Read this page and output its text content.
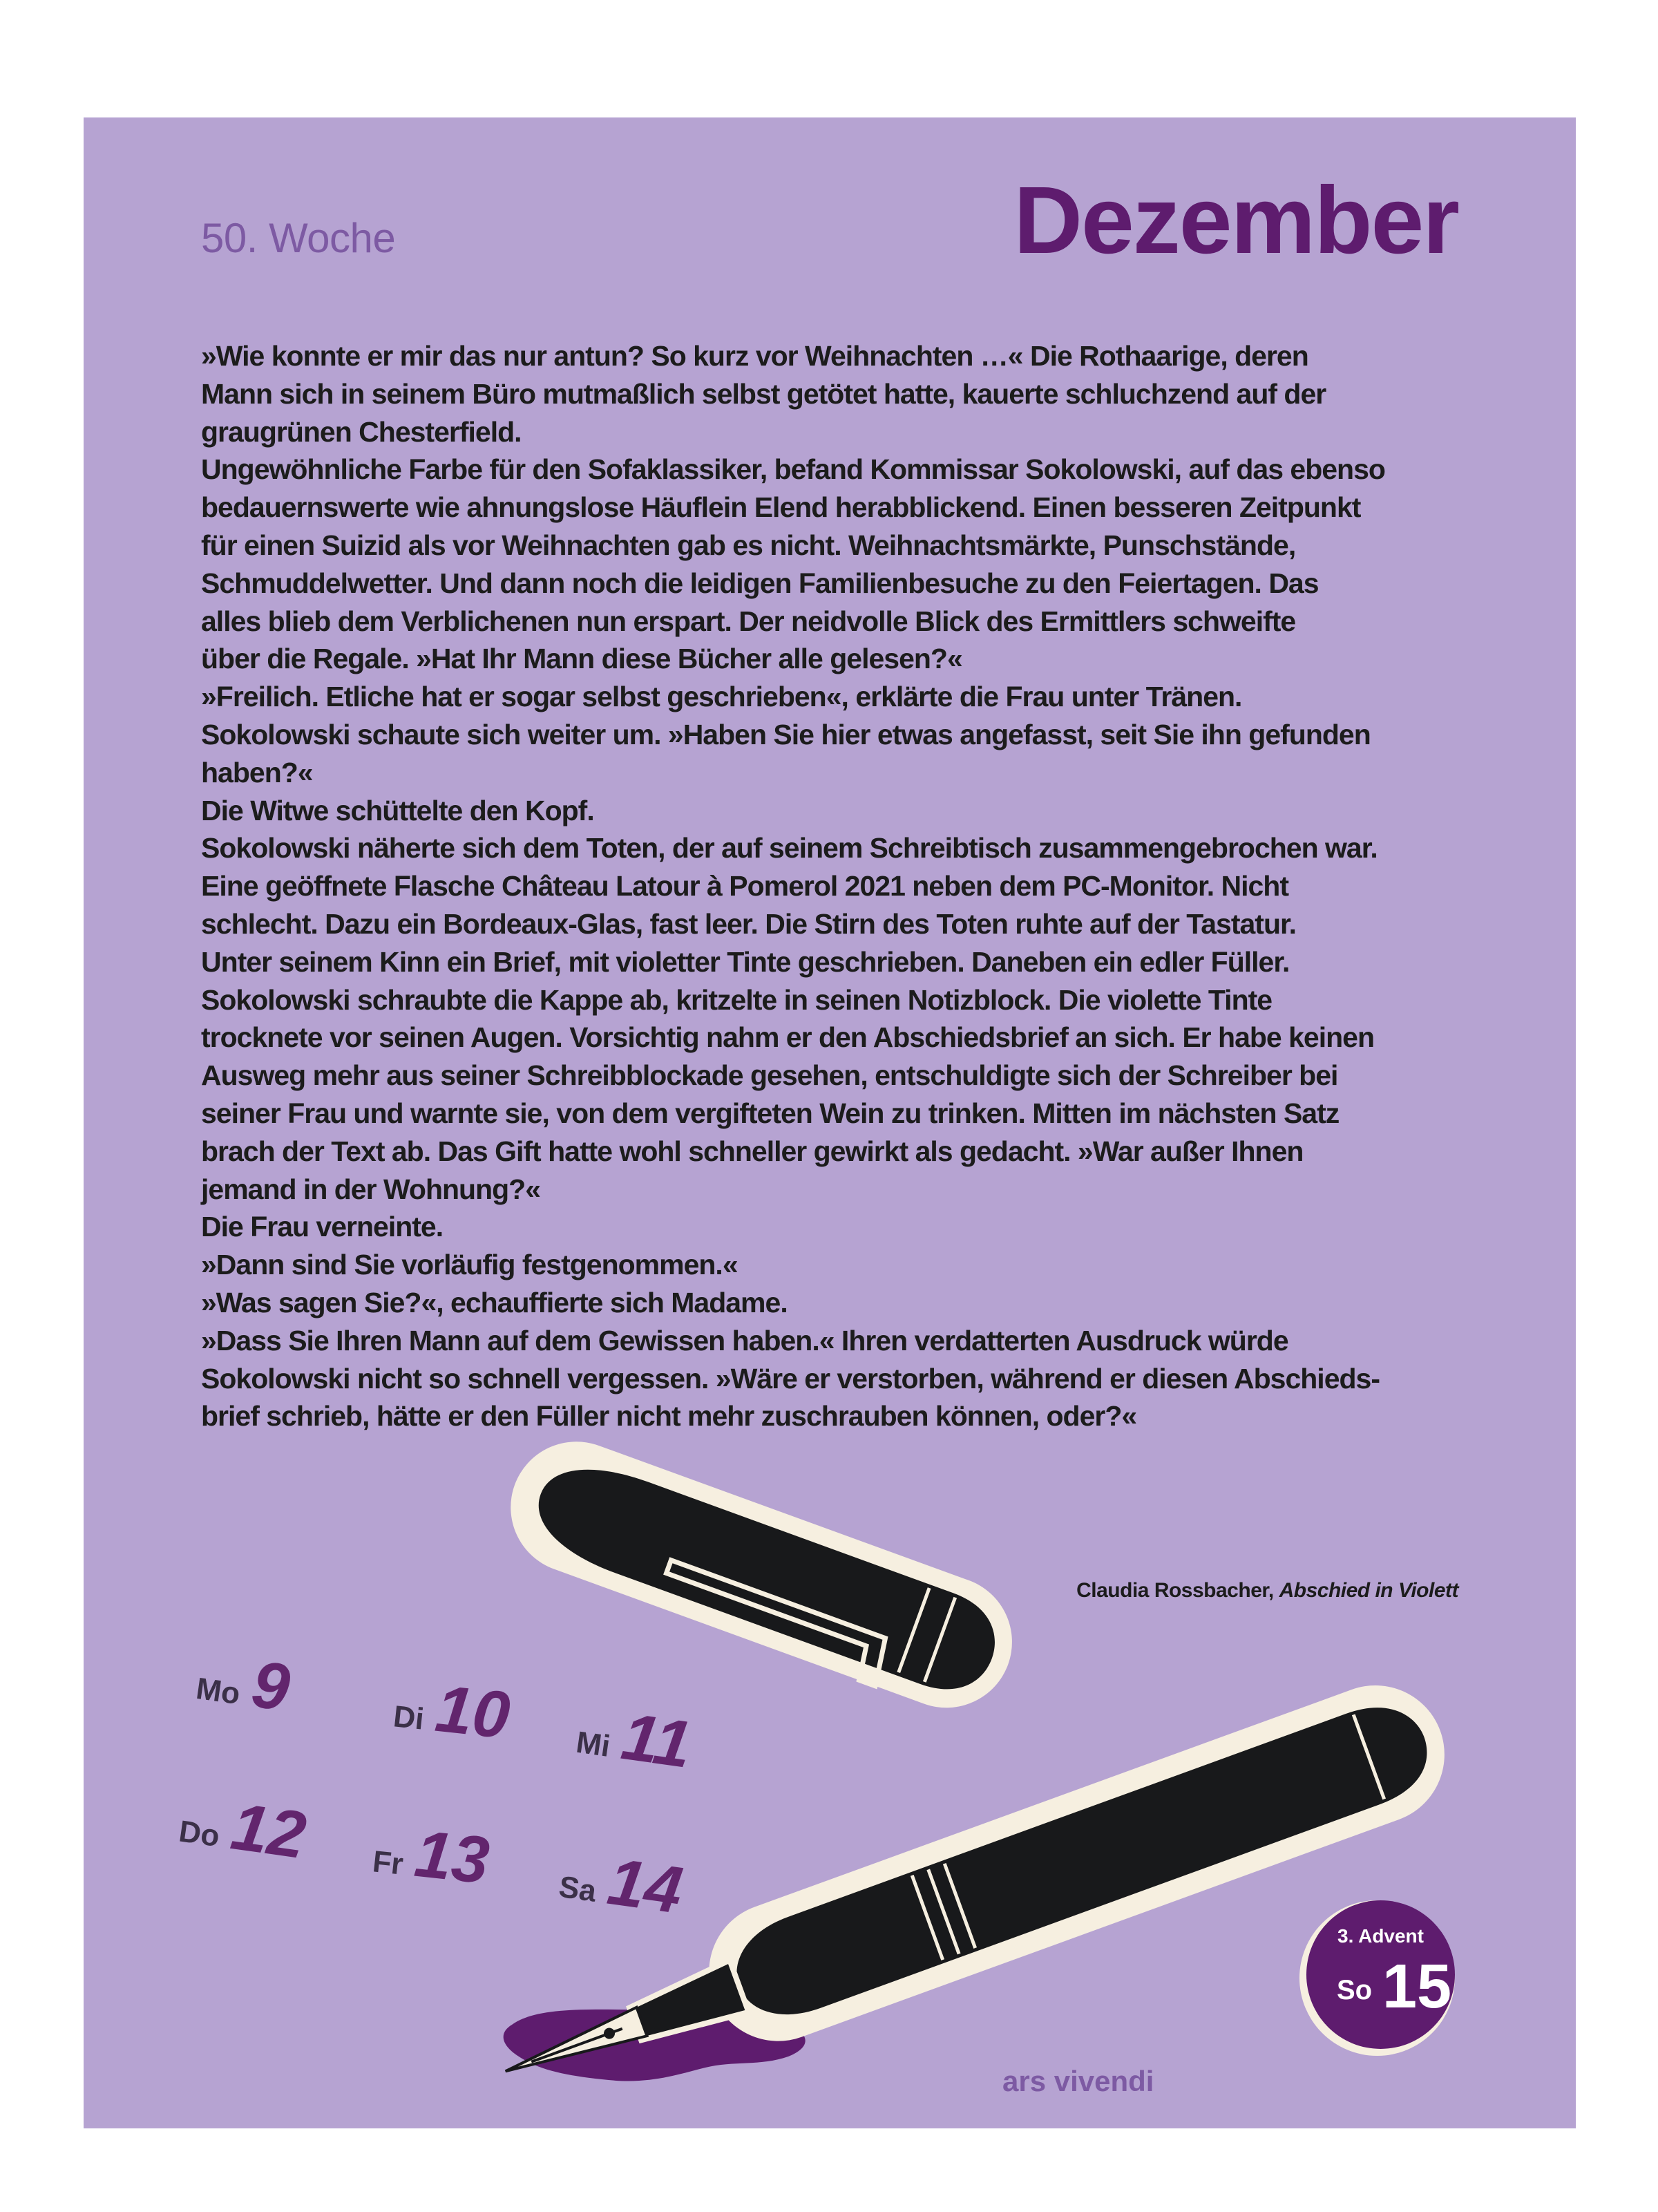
50. Woche	Dezember

»Wie konnte er mir das nur antun? So kurz vor Weihnachten …« Die Rothaarige, deren

Mann sich in seinem Büro mutmaßlich selbst getötet hatte, kauerte schluchzend auf der

graugrünen Chesterfield.

Ungewöhnliche Farbe für den Sofaklassiker, befand Kommissar Sokolowski, auf das ebenso

bedauernswerte wie ahnungslose Häuflein Elend herabblickend. Einen besseren Zeitpunkt

für einen Suizid als vor Weihnachten gab es nicht. Weihnachtsmärkte, Punschstände,

Schmuddelwetter. Und dann noch die leidigen Familienbesuche zu den Feiertagen. Das

alles blieb dem Verblichenen nun erspart. Der neidvolle Blick des Ermittlers schweifte

über die Regale. »Hat Ihr Mann diese Bücher alle gelesen?«

»Freilich. Etliche hat er sogar selbst geschrieben«, erklärte die Frau unter Tränen.

Sokolowski schaute sich weiter um. »Haben Sie hier etwas angefasst, seit Sie ihn gefunden

haben?«

Die Witwe schüttelte den Kopf.

Sokolowski näherte sich dem Toten, der auf seinem Schreibtisch zusammengebrochen war.

Eine geöffnete Flasche Château Latour à Pomerol 2021 neben dem PC-Monitor. Nicht

schlecht. Dazu ein Bordeaux-Glas, fast leer. Die Stirn des Toten ruhte auf der Tastatur.

Unter seinem Kinn ein Brief, mit violetter Tinte geschrieben. Daneben ein edler Füller.

Sokolowski schraubte die Kappe ab, kritzelte in seinen Notizblock. Die violette Tinte

trocknete vor seinen Augen. Vorsichtig nahm er den Abschiedsbrief an sich. Er habe keinen

Ausweg mehr aus seiner Schreibblockade gesehen, entschuldigte sich der Schreiber bei

seiner Frau und warnte sie, von dem vergifteten Wein zu trinken. Mitten im nächsten Satz

brach der Text ab. Das Gift hatte wohl schneller gewirkt als gedacht. »War außer Ihnen

jemand in der Wohnung?«

Die Frau verneinte.

»Dann sind Sie vorläufig festgenommen.«

»Was sagen Sie?«, echauffierte sich Madame.

»Dass Sie Ihren Mann auf dem Gewissen haben.« Ihren verdatterten Ausdruck würde

Sokolowski nicht so schnell vergessen. »Wäre er verstorben, während er diesen Abschieds-

brief schrieb, hätte er den Füller nicht mehr zuschrauben können, oder?«

Claudia Rossbacher, Abschied in Violett
Mo 9	Di 10 Mi 11
Do 12 Fr 13 Sa 14
3. Advent
So 15
ars vivendi
